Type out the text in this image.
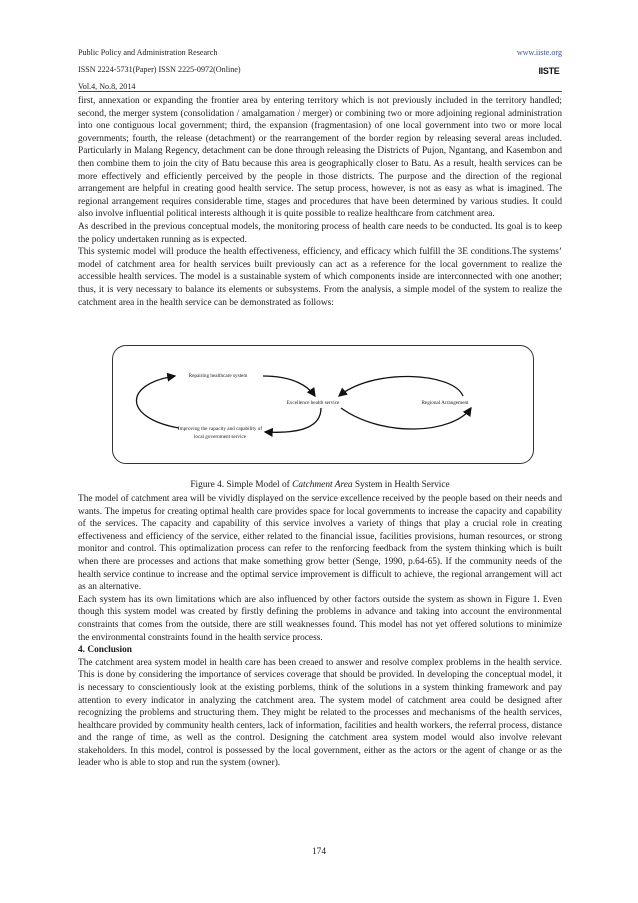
Public Policy and Administration Research
ISSN 2224-5731(Paper) ISSN 2225-0972(Online)
Vol.4, No.8, 2014
www.iiste.org
IISTE

first, annexation or expanding the frontier area by entering territory which is not previously included in the territory handled; second, the merger system (consolidation / amalgamation / merger) or combining two or more adjoining regional administration into one contiguous local government; third, the expansion (fragmentasion) of one local government into two or more local governments; fourth, the release (detachment) or the rearrangement of the border region by releasing several areas included. Particularly in Malang Regency, detachment can be done through releasing the Districts of Pujon, Ngantang, and Kasembon and then combine them to join the city of Batu because this area is geographically closer to Batu. As a result, health services can be more effectively and efficiently perceived by the people in those districts. The purpose and the direction of the regional arrangement are helpful in creating good health service. The setup process, however, is not as easy as what is imagined. The regional arrangement requires considerable time, stages and procedures that have been determined by various studies. It could also involve influential political interests although it is quite possible to realize healthcare from catchment area.

As described in the previous conceptual models, the monitoring process of health care needs to be conducted. Its goal is to keep the policy undertaken running as is expected.

This systemic model will produce the health effectiveness, efficiency, and efficacy which fulfill the 3E conditions.The systems’ model of catchment area for health services built previously can act as a reference for the local government to realize the accessible health services. The model is a sustainable system of which components inside are interconnected with one another; thus, it is very necessary to balance its elements or subsystems. From the analysis, a simple model of the system to realize the catchment area in the health service can be demonstrated as follows:

Repairing healthcare system
Excellence health service	Regional Arrangement
Improving the capacity and capability of
local government service
Figure 4. Simple Model of Catchment Area System in Health Service

The model of catchment area will be vividly displayed on the service excellence received by the people based on their needs and wants. The impetus for creating optimal health care provides space for local governments to increase the capacity and capability of the services. The capacity and capability of this service involves a variety of things that play a crucial role in creating effectiveness and efficiency of the service, either related to the financial issue, facilities provisions, human resources, or strong monitor and control. This optimalization process can refer to the renforcing feedback from the system thinking which is built when there are processes and actions that make something grow better (Senge, 1990, p.64-65). If the community needs of the health service continue to increase and the optimal service improvement is difficult to achieve, the regional arrangement will act as an alternative.

Each system has its own limitations which are also influenced by other factors outside the system as shown in Figure 1. Even though this system model was created by firstly defining the problems in advance and taking into account the environmental constraints that comes from the outside, there are still weaknesses found. This model has not yet offered solutions to minimize the environmental constraints found in the health service process.

4. Conclusion

The catchment area system model in health care has been creaed to answer and resolve complex problems in the health service. This is done by considering the importance of services coverage that should be provided. In developing the conceptual model, it is necessary to conscientiously look at the existing porblems, think of the solutions in a system thinking framework and pay attention to every indicator in analyzing the catchment area. The system model of catchment area could be designed after recognizing the problems and structuring them. They might be related to the processes and mechanisms of the health services, healthcare provided by community health centers, lack of information, facilities and health workers, the referral process, distance and the range of time, as well as the control. Designing the catchment area system model would also involve relevant stakeholders. In this model, control is possessed by the local government, either as the actors or the agent of change or as the leader who is able to stop and run the system (owner).

174
